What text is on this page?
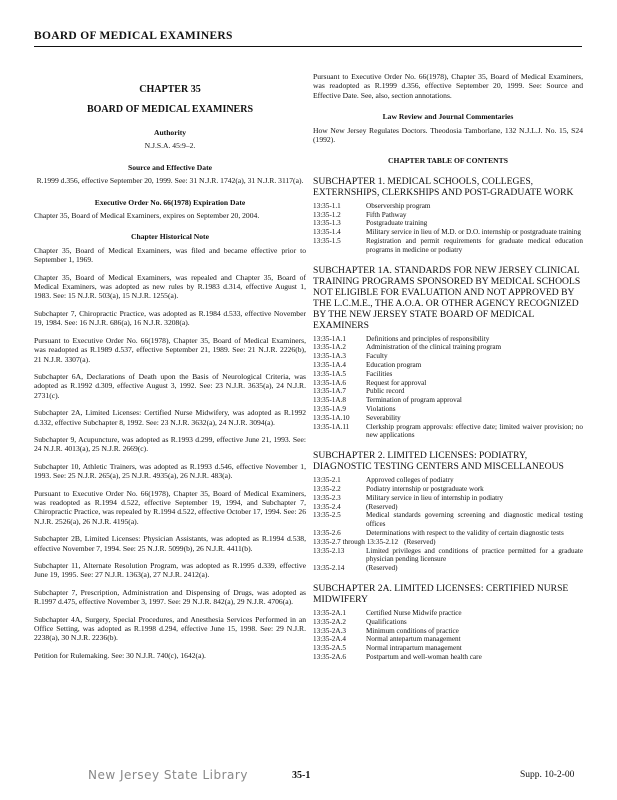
BOARD OF MEDICAL EXAMINERS
CHAPTER 35
BOARD OF MEDICAL EXAMINERS
Authority
N.J.S.A. 45:9–2.
Source and Effective Date
R.1999 d.356, effective September 20, 1999. See: 31 N.J.R. 1742(a), 31 N.J.R. 3117(a).
Executive Order No. 66(1978) Expiration Date
Chapter 35, Board of Medical Examiners, expires on September 20, 2004.
Chapter Historical Note

Chapter 35, Board of Medical Examiners, was filed and became effective prior to September 1, 1969.

Chapter 35, Board of Medical Examiners, was repealed and Chapter 35, Board of Medical Examiners, was adopted as new rules by R.1983 d.314, effective August 1, 1983. See: 15 N.J.R. 503(a), 15 N.J.R. 1255(a).

Subchapter 7, Chiropractic Practice, was adopted as R.1984 d.533, effective November 19, 1984. See: 16 N.J.R. 686(a), 16 N.J.R. 3208(a).

Pursuant to Executive Order No. 66(1978), Chapter 35, Board of Medical Examiners, was readopted as R.1989 d.537, effective September 21, 1989. See: 21 N.J.R. 2226(b), 21 N.J.R. 3307(a).

Subchapter 6A, Declarations of Death upon the Basis of Neurological Criteria, was adopted as R.1992 d.309, effective August 3, 1992. See: 23 N.J.R. 3635(a), 24 N.J.R. 2731(c).

Subchapter 2A, Limited Licenses: Certified Nurse Midwifery, was adopted as R.1992 d.332, effective Subchapter 8, 1992. See: 23 N.J.R. 3632(a), 24 N.J.R. 3094(a).

Subchapter 9, Acupuncture, was adopted as R.1993 d.299, effective June 21, 1993. See: 24 N.J.R. 4013(a), 25 N.J.R. 2669(c).

Subchapter 10, Athletic Trainers, was adopted as R.1993 d.546, effective November 1, 1993. See: 25 N.J.R. 265(a), 25 N.J.R. 4935(a), 26 N.J.R. 483(a).

Pursuant to Executive Order No. 66(1978), Chapter 35, Board of Medical Examiners, was readopted as R.1994 d.522, effective September 19, 1994, and Subchapter 7, Chiropractic Practice, was repealed by R.1994 d.522, effective October 17, 1994. See: 26 N.J.R. 2526(a), 26 N.J.R. 4195(a).

Subchapter 2B, Limited Licenses: Physician Assistants, was adopted as R.1994 d.538, effective November 7, 1994. See: 25 N.J.R. 5099(b), 26 N.J.R. 4411(b).

Subchapter 11, Alternate Resolution Program, was adopted as R.1995 d.339, effective June 19, 1995. See: 27 N.J.R. 1363(a), 27 N.J.R. 2412(a).

Subchapter 7, Prescription, Administration and Dispensing of Drugs, was adopted as R.1997 d.475, effective November 3, 1997. See: 29 N.J.R. 842(a), 29 N.J.R. 4706(a).

Subchapter 4A, Surgery, Special Procedures, and Anesthesia Services Performed in an Office Setting, was adopted as R.1998 d.294, effective June 15, 1998. See: 29 N.J.R. 2238(a), 30 N.J.R. 2236(b).

Petition for Rulemaking. See: 30 N.J.R. 740(c), 1642(a).

Pursuant to Executive Order No. 66(1978), Chapter 35, Board of Medical Examiners, was readopted as R.1999 d.356, effective September 20, 1999. See: Source and Effective Date. See, also, section annotations.

Law Review and Journal Commentaries

How New Jersey Regulates Doctors. Theodosia Tamborlane, 132 N.J.L.J. No. 15, S24 (1992).

CHAPTER TABLE OF CONTENTS
SUBCHAPTER 1. MEDICAL SCHOOLS, COLLEGES, EXTERNSHIPS, CLERKSHIPS AND POST-GRADUATE WORK
13:35-1.1	Observership program
13:35-1.2	Fifth Pathway
13:35-1.3	Postgraduate training
13:35-1.4	Military service in lieu of M.D. or D.O. internship or postgraduate training
13:35-1.5	Registration and permit requirements for graduate medical education programs in medicine or podiatry
SUBCHAPTER 1A. STANDARDS FOR NEW JERSEY CLINICAL TRAINING PROGRAMS SPONSORED BY MEDICAL SCHOOLS NOT ELIGIBLE FOR EVALUATION AND NOT APPROVED BY THE L.C.M.E., THE A.O.A. OR OTHER AGENCY RECOGNIZED BY THE NEW JERSEY STATE BOARD OF MEDICAL EXAMINERS
13:35-1A.1	Definitions and principles of responsibility
13:35-1A.2	Administration of the clinical training program
13:35-1A.3	Faculty
13:35-1A.4	Education program
13:35-1A.5	Facilities
13:35-1A.6	Request for approval
13:35-1A.7	Public record
13:35-1A.8	Termination of program approval
13:35-1A.9	Violations
13:35-1A.10	Severability
13:35-1A.11	Clerkship program approvals: effective date; limited waiver provision; no new applications
SUBCHAPTER 2. LIMITED LICENSES: PODIATRY, DIAGNOSTIC TESTING CENTERS AND MISCELLANEOUS
13:35-2.1	Approved colleges of podiatry
13:35-2.2	Podiatry internship or postgraduate work
13:35-2.3	Military service in lieu of internship in podiatry
13:35-2.4	(Reserved)
13:35-2.5	Medical standards governing screening and diagnostic medical testing offices
13:35-2.6	Determinations with respect to the validity of certain diagnostic tests
13:35-2.7 through 13:35-2.12 (Reserved)
13:35-2.13	Limited privileges and conditions of practice permitted for a graduate physician pending licensure
13:35-2.14	(Reserved)
SUBCHAPTER 2A. LIMITED LICENSES: CERTIFIED NURSE MIDWIFERY
13:35-2A.1	Certified Nurse Midwife practice
13:35-2A.2	Qualifications
13:35-2A.3	Minimum conditions of practice
13:35-2A.4	Normal antepartum management
13:35-2A.5	Normal intrapartum management
13:35-2A.6	Postpartum and well-woman health care
New Jersey State Library	35-1	Supp. 10-2-00
